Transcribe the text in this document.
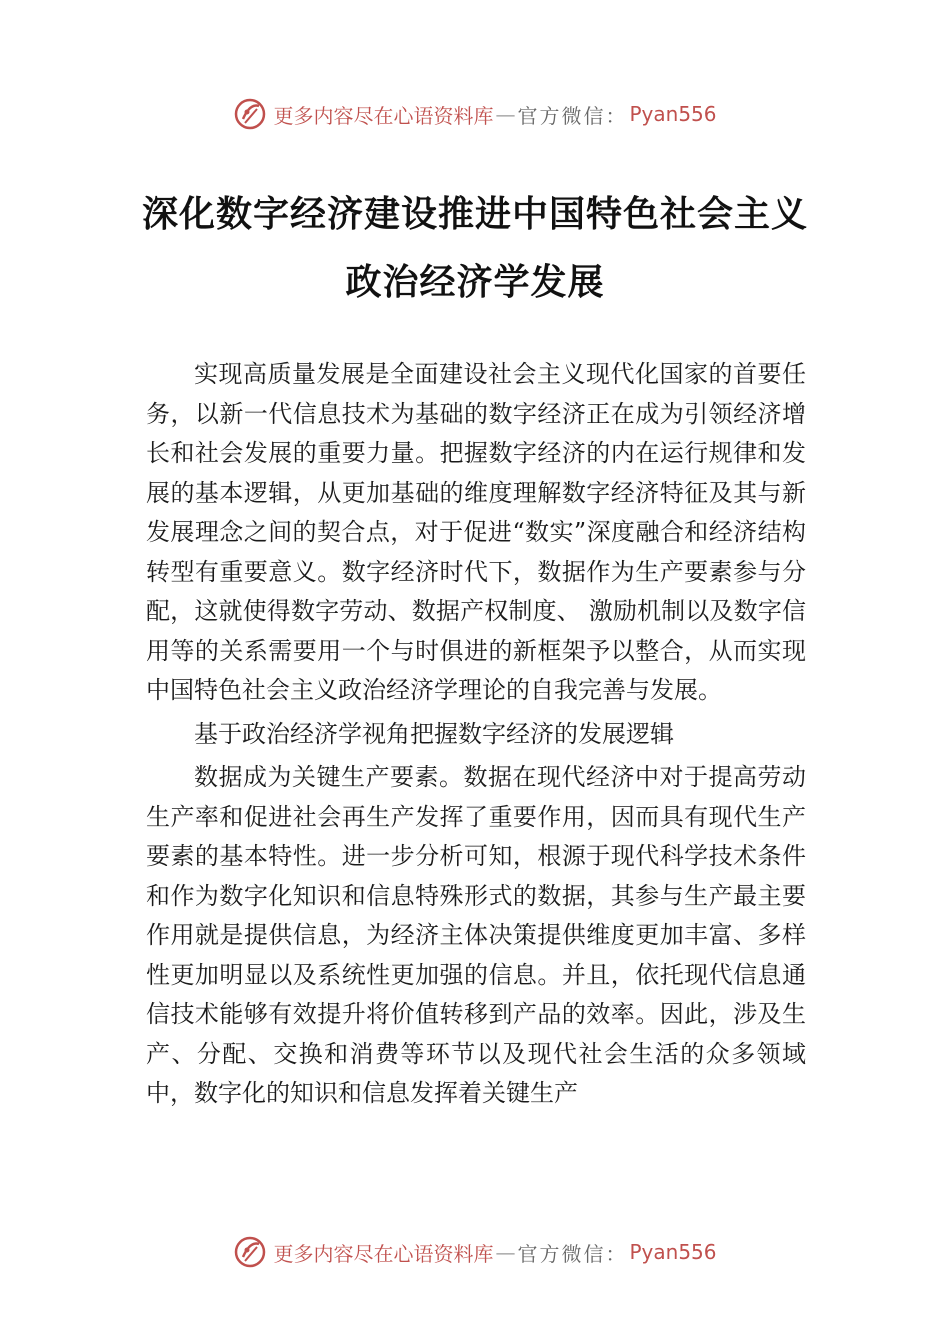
更多内容尽在心语资料库 — 官方微信 ： Pyan556
深化数字经济建设推进中国特色社会主义
政治经济学发展

实现高质量发展是全面建设社会主义现代化国家的首要任务，以新一代信息技术为基础的数字经济正在成为引领经济增长和社会发展的重要力量。把握数字经济的内在运行规律和发展的基本逻辑，从更加基础的维度理解数字经济特征及其与新发展理念之间的契合点，对于促进“数实”深度融合和经济结构转型有重要意义。数字经济时代下，数据作为生产要素参与分配，这就使得数字劳动、数据产权制度、 激励机制以及数字信用等的关系需要用一个与时俱进的新框架予以整合，从而实现中国特色社会主义政治经济学理论的自我完善与发展。

基于政治经济学视角把握数字经济的发展逻辑

数据成为关键生产要素。数据在现代经济中对于提高劳动生产率和促进社会再生产发挥了重要作用，因而具有现代生产要素的基本特性。进一步分析可知，根源于现代科学技术条件和作为数字化知识和信息特殊形式的数据，其参与生产最主要作用就是提供信息，为经济主体决策提供维度更加丰富、多样性更加明显以及系统性更加强的信息。并且，依托现代信息通信技术能够有效提升将价值转移到产品的效率。因此，涉及生产、分配、交换和消费等环节以及现代社会生活的众多领域中，数字化的知识和信息发挥着关键生产

更多内容尽在心语资料库 — 官方微信 ： Pyan556
